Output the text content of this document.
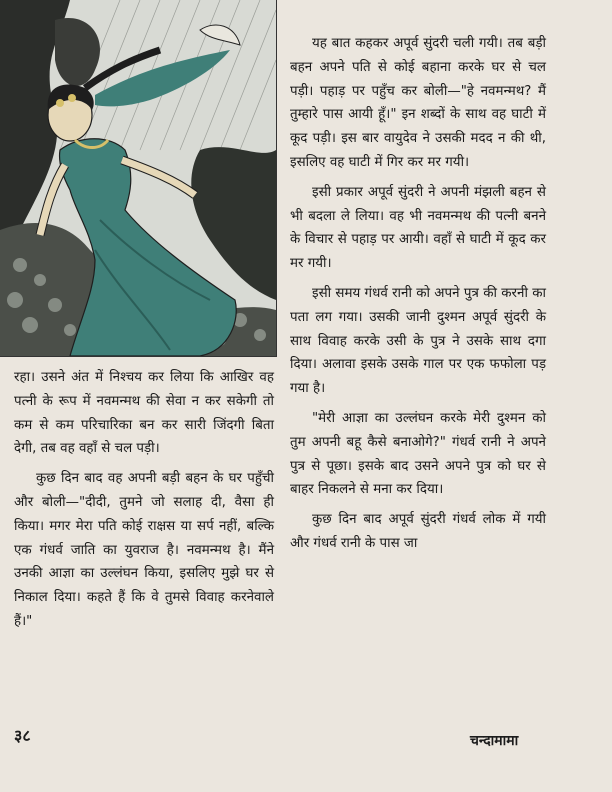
रहा। उसने अंत में निश्चय कर लिया कि आखिर वह पत्नी के रूप में नवमन्मथ की सेवा न कर सकेगी तो कम से कम परिचारिका बन कर सारी जिंदगी बिता देगी, तब वह वहाँ से चल पड़ी।

कुछ दिन बाद वह अपनी बड़ी बहन के घर पहुँची और बोली—"दीदी, तुमने जो सलाह दी, वैसा ही किया। मगर मेरा पति कोई राक्षस या सर्प नहीं, बल्कि एक गंधर्व जाति का युवराज है। नवमन्मथ है। मैंने उनकी आज्ञा का उल्लंघन किया, इसलिए मुझे घर से निकाल दिया। कहते हैं कि वे तुमसे विवाह करनेवाले हैं।"

यह बात कहकर अपूर्व सुंदरी चली गयी। तब बड़ी बहन अपने पति से कोई बहाना करके घर से चल पड़ी। पहाड़ पर पहुँच कर बोली—"हे नवमन्मथ? मैं तुम्हारे पास आयी हूँ।" इन शब्दों के साथ वह घाटी में कूद पड़ी। इस बार वायुदेव ने उसकी मदद न की थी, इसलिए वह घाटी में गिर कर मर गयी।

इसी प्रकार अपूर्व सुंदरी ने अपनी मंझली बहन से भी बदला ले लिया। वह भी नवमन्मथ की पत्नी बनने के विचार से पहाड़ पर आयी। वहाँ से घाटी में कूद कर मर गयी।

इसी समय गंधर्व रानी को अपने पुत्र की करनी का पता लग गया। उसकी जानी दुश्मन अपूर्व सुंदरी के साथ विवाह करके उसी के पुत्र ने उसके साथ दगा दिया। अलावा इसके उसके गाल पर एक फफोला पड़ गया है।

"मेरी आज्ञा का उल्लंघन करके मेरी दुश्मन को तुम अपनी बहू कैसे बनाओगे?" गंधर्व रानी ने अपने पुत्र से पूछा। इसके बाद उसने अपने पुत्र को घर से बाहर निकलने से मना कर दिया।

कुछ दिन बाद अपूर्व सुंदरी गंधर्व लोक में गयी और गंधर्व रानी के पास जा

३८	चन्दामामा
